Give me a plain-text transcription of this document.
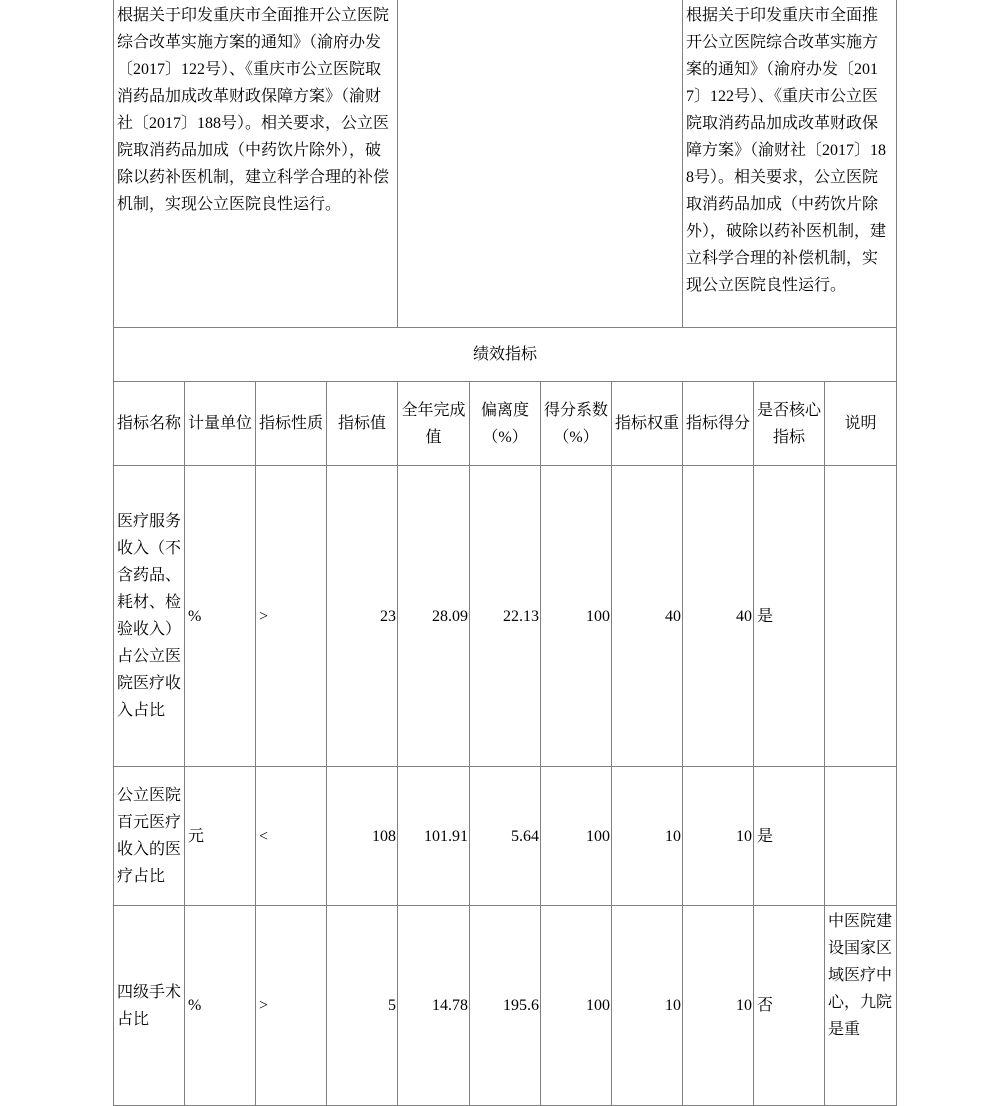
根据关于印发重庆市全面推开公立医院综合改革实施方案的通知》（渝府办发〔2017〕122号）、《重庆市公立医院取消药品加成改革财政保障方案》（渝财社〔2017〕188号）。相关要求，公立医院取消药品加成（中药饮片除外），破除以药补医机制，建立科学合理的补偿机制，实现公立医院良性运行。								根据关于印发重庆市全面推开公立医院综合改革实施方案的通知》（渝府办发〔2017〕122号）、《重庆市公立医院取消药品加成改革财政保障方案》（渝财社〔2017〕188号）。相关要求，公立医院取消药品加成（中药饮片除外），破除以药补医机制，建立科学合理的补偿机制，实现公立医院良性运行。		
绩效指标										
指标名称	计量单位	指标性质	指标值	全年完成值	偏离度（%）	得分系数（%）	指标权重	指标得分	是否核心指标	说明
医疗服务收入（不含药品、耗材、检验收入）占公立医院医疗收入占比	%	>	23	28.09	22.13	100	40	40	是	
公立医院百元医疗收入的医疗占比	元	<	108	101.91	5.64	100	10	10	是	
四级手术占比	%	>	5	14.78	195.6	100	10	10	否	中医院建设国家区域医疗中心，九院是重
